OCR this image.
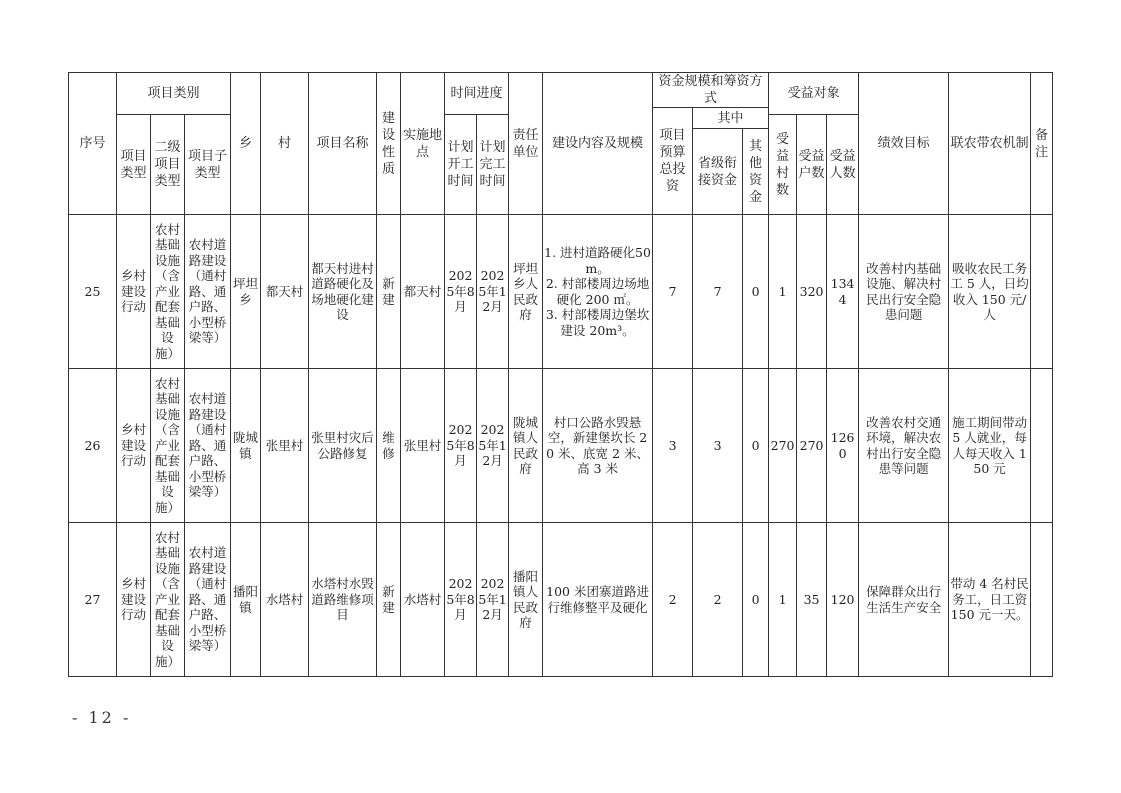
序号	项目类别			乡	村	项目名称	建设性质	实施地点	时间进度		责任单位	建设内容及规模	资金规模和筹资方式			受益对象			绩效目标	联农带农机制	备注
													项目预算总投资	其中							
	项目类型	二级项目类型	项目子类型						计划开工时间	计划完工时间						受益村数	受益户数	受益人数			
														省级衔接资金	其他资金						
25	乡村建设行动	农村基础设施（含产业配套基础设施）	农村道路建设（通村路、通户路、小型桥梁等）	坪坦乡	都天村	都天村进村道路硬化及场地硬化建设	新建	都天村	2025年8月	2025年12月	坪坦乡人民政府	1. 进村道路硬化50m。
2. 村部楼周边场地硬化 200 ㎡。
3. 村部楼周边堡坎建设 20m³。	7	7	0	1	320	1344	改善村内基础设施、解决村民出行安全隐患问题	吸收农民工务工 5 人，日均收入 150 元/人	
26	乡村建设行动	农村基础设施（含产业配套基础设施）	农村道路建设（通村路、通户路、小型桥梁等）	陇城镇	张里村	张里村灾后公路修复	维修	张里村	2025年8月	2025年12月	陇城镇人民政府	村口公路水毁悬空，新建堡坎长 20 米、底宽 2 米、高 3 米	3	3	0	270	270	1260	改善农村交通环境，解决农村出行安全隐患等问题	施工期间带动 5 人就业，每人每天收入 150 元	
27	乡村建设行动	农村基础设施（含产业配套基础设施）	农村道路建设（通村路、通户路、小型桥梁等）	播阳镇	水塔村	水塔村水毁道路维修项目	新建	水塔村	2025年8月	2025年12月	播阳镇人民政府	100 米团寨道路进行维修整平及硬化	2	2	0	1	35	120	保障群众出行生活生产安全	带动 4 名村民务工，日工资 150 元一天。	
- 12 -
